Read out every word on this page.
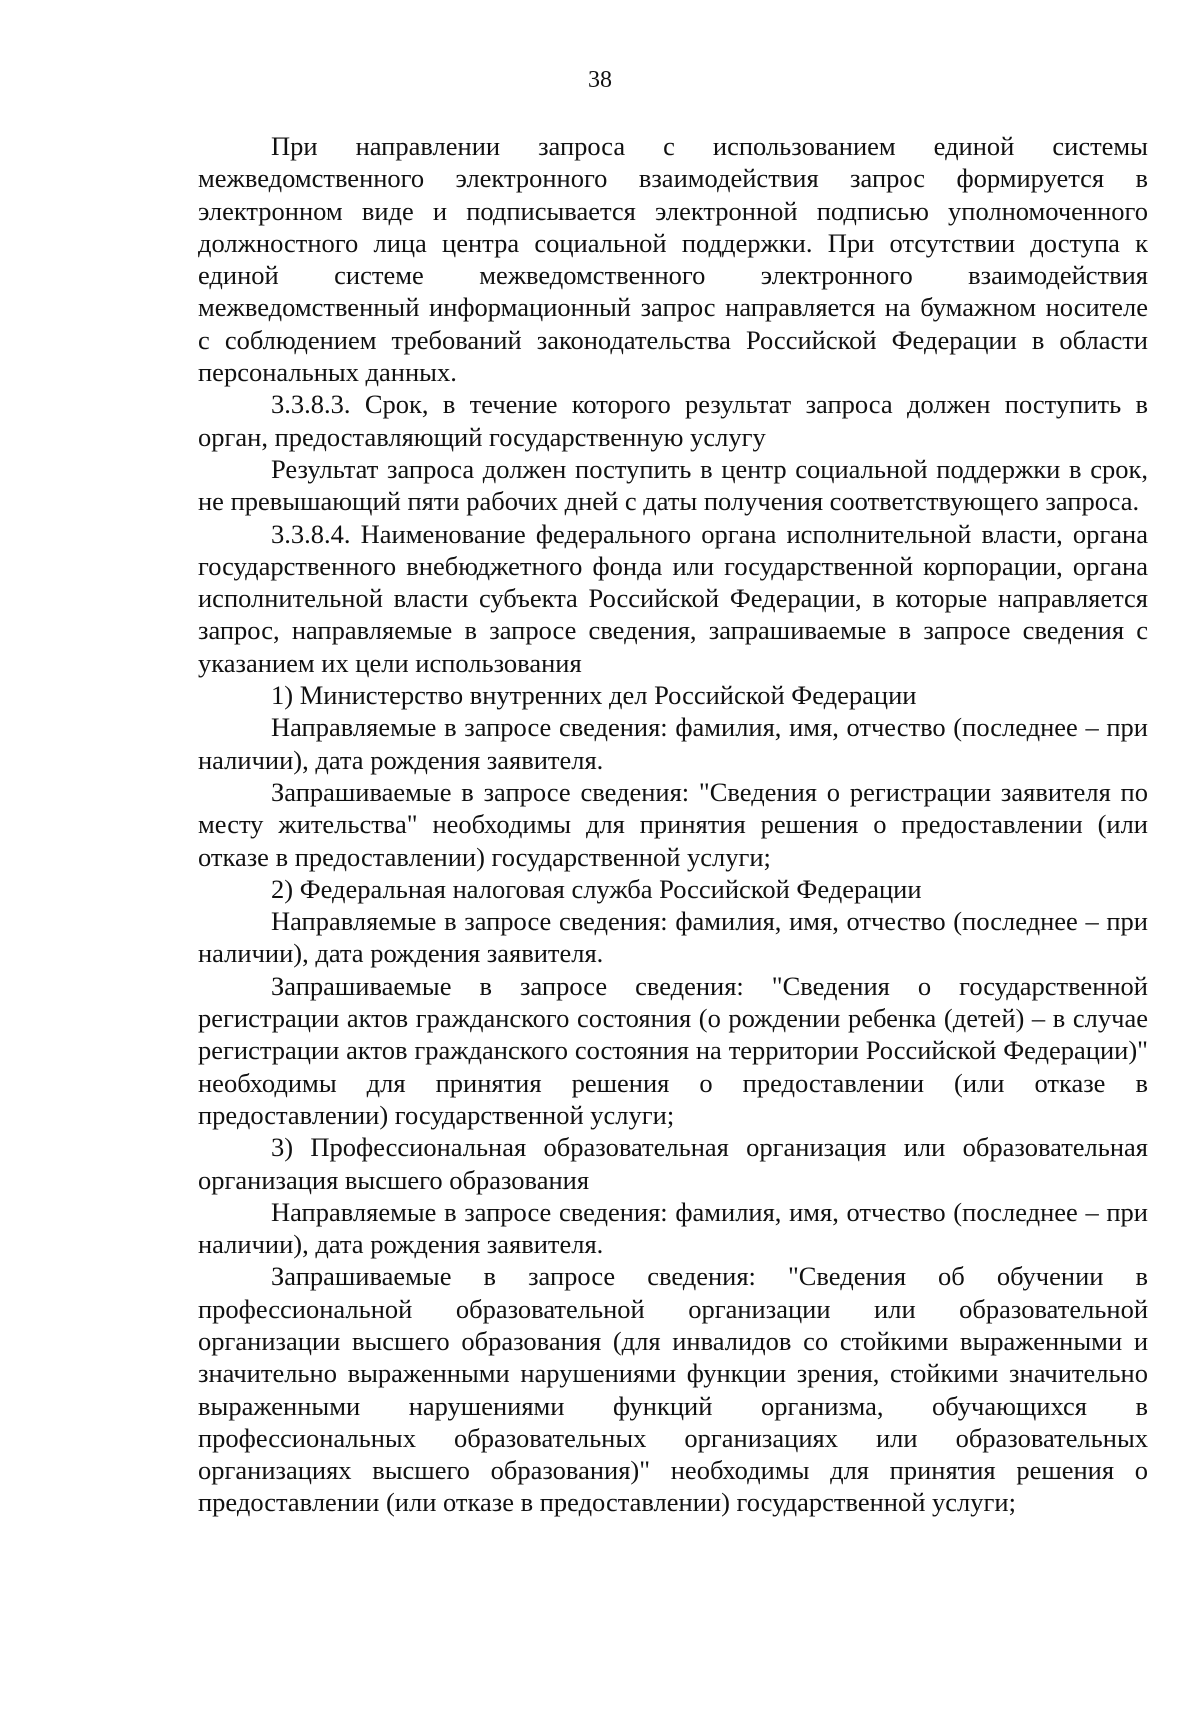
38

При направлении запроса с использованием единой системы межведомственного электронного взаимодействия запрос формируется в электронном виде и подписывается электронной подписью уполномоченного должностного лица центра социальной поддержки. При отсутствии доступа к единой системе межведомственного электронного взаимодействия межведомственный информационный запрос направляется на бумажном носителе с соблюдением требований законодательства Российской Федерации в области персональных данных.

3.3.8.3. Срок, в течение которого результат запроса должен поступить в орган, предоставляющий государственную услугу

Результат запроса должен поступить в центр социальной поддержки в срок, не превышающий пяти рабочих дней с даты получения соответствующего запроса.

3.3.8.4. Наименование федерального органа исполнительной власти, органа государственного внебюджетного фонда или государственной корпорации, органа исполнительной власти субъекта Российской Федерации, в которые направляется запрос, направляемые в запросе сведения, запрашиваемые в запросе сведения с указанием их цели использования

1) Министерство внутренних дел Российской Федерации

Направляемые в запросе сведения: фамилия, имя, отчество (последнее – при наличии), дата рождения заявителя.

Запрашиваемые в запросе сведения: "Сведения о регистрации заявителя по месту жительства" необходимы для принятия решения о предоставлении (или отказе в предоставлении) государственной услуги;

2) Федеральная налоговая служба Российской Федерации

Направляемые в запросе сведения: фамилия, имя, отчество (последнее – при наличии), дата рождения заявителя.

Запрашиваемые в запросе сведения: "Сведения о государственной регистрации актов гражданского состояния (о рождении ребенка (детей) – в случае регистрации актов гражданского состояния на территории Российской Федерации)" необходимы для принятия решения о предоставлении (или отказе в предоставлении) государственной услуги;

3) Профессиональная образовательная организация или образовательная организация высшего образования

Направляемые в запросе сведения: фамилия, имя, отчество (последнее – при наличии), дата рождения заявителя.

Запрашиваемые в запросе сведения: "Сведения об обучении в профессиональной образовательной организации или образовательной организации высшего образования (для инвалидов со стойкими выраженными и значительно выраженными нарушениями функции зрения, стойкими значительно выраженными нарушениями функций организма, обучающихся в профессиональных образовательных организациях или образовательных организациях высшего образования)" необходимы для принятия решения о предоставлении (или отказе в предоставлении) государственной услуги;
